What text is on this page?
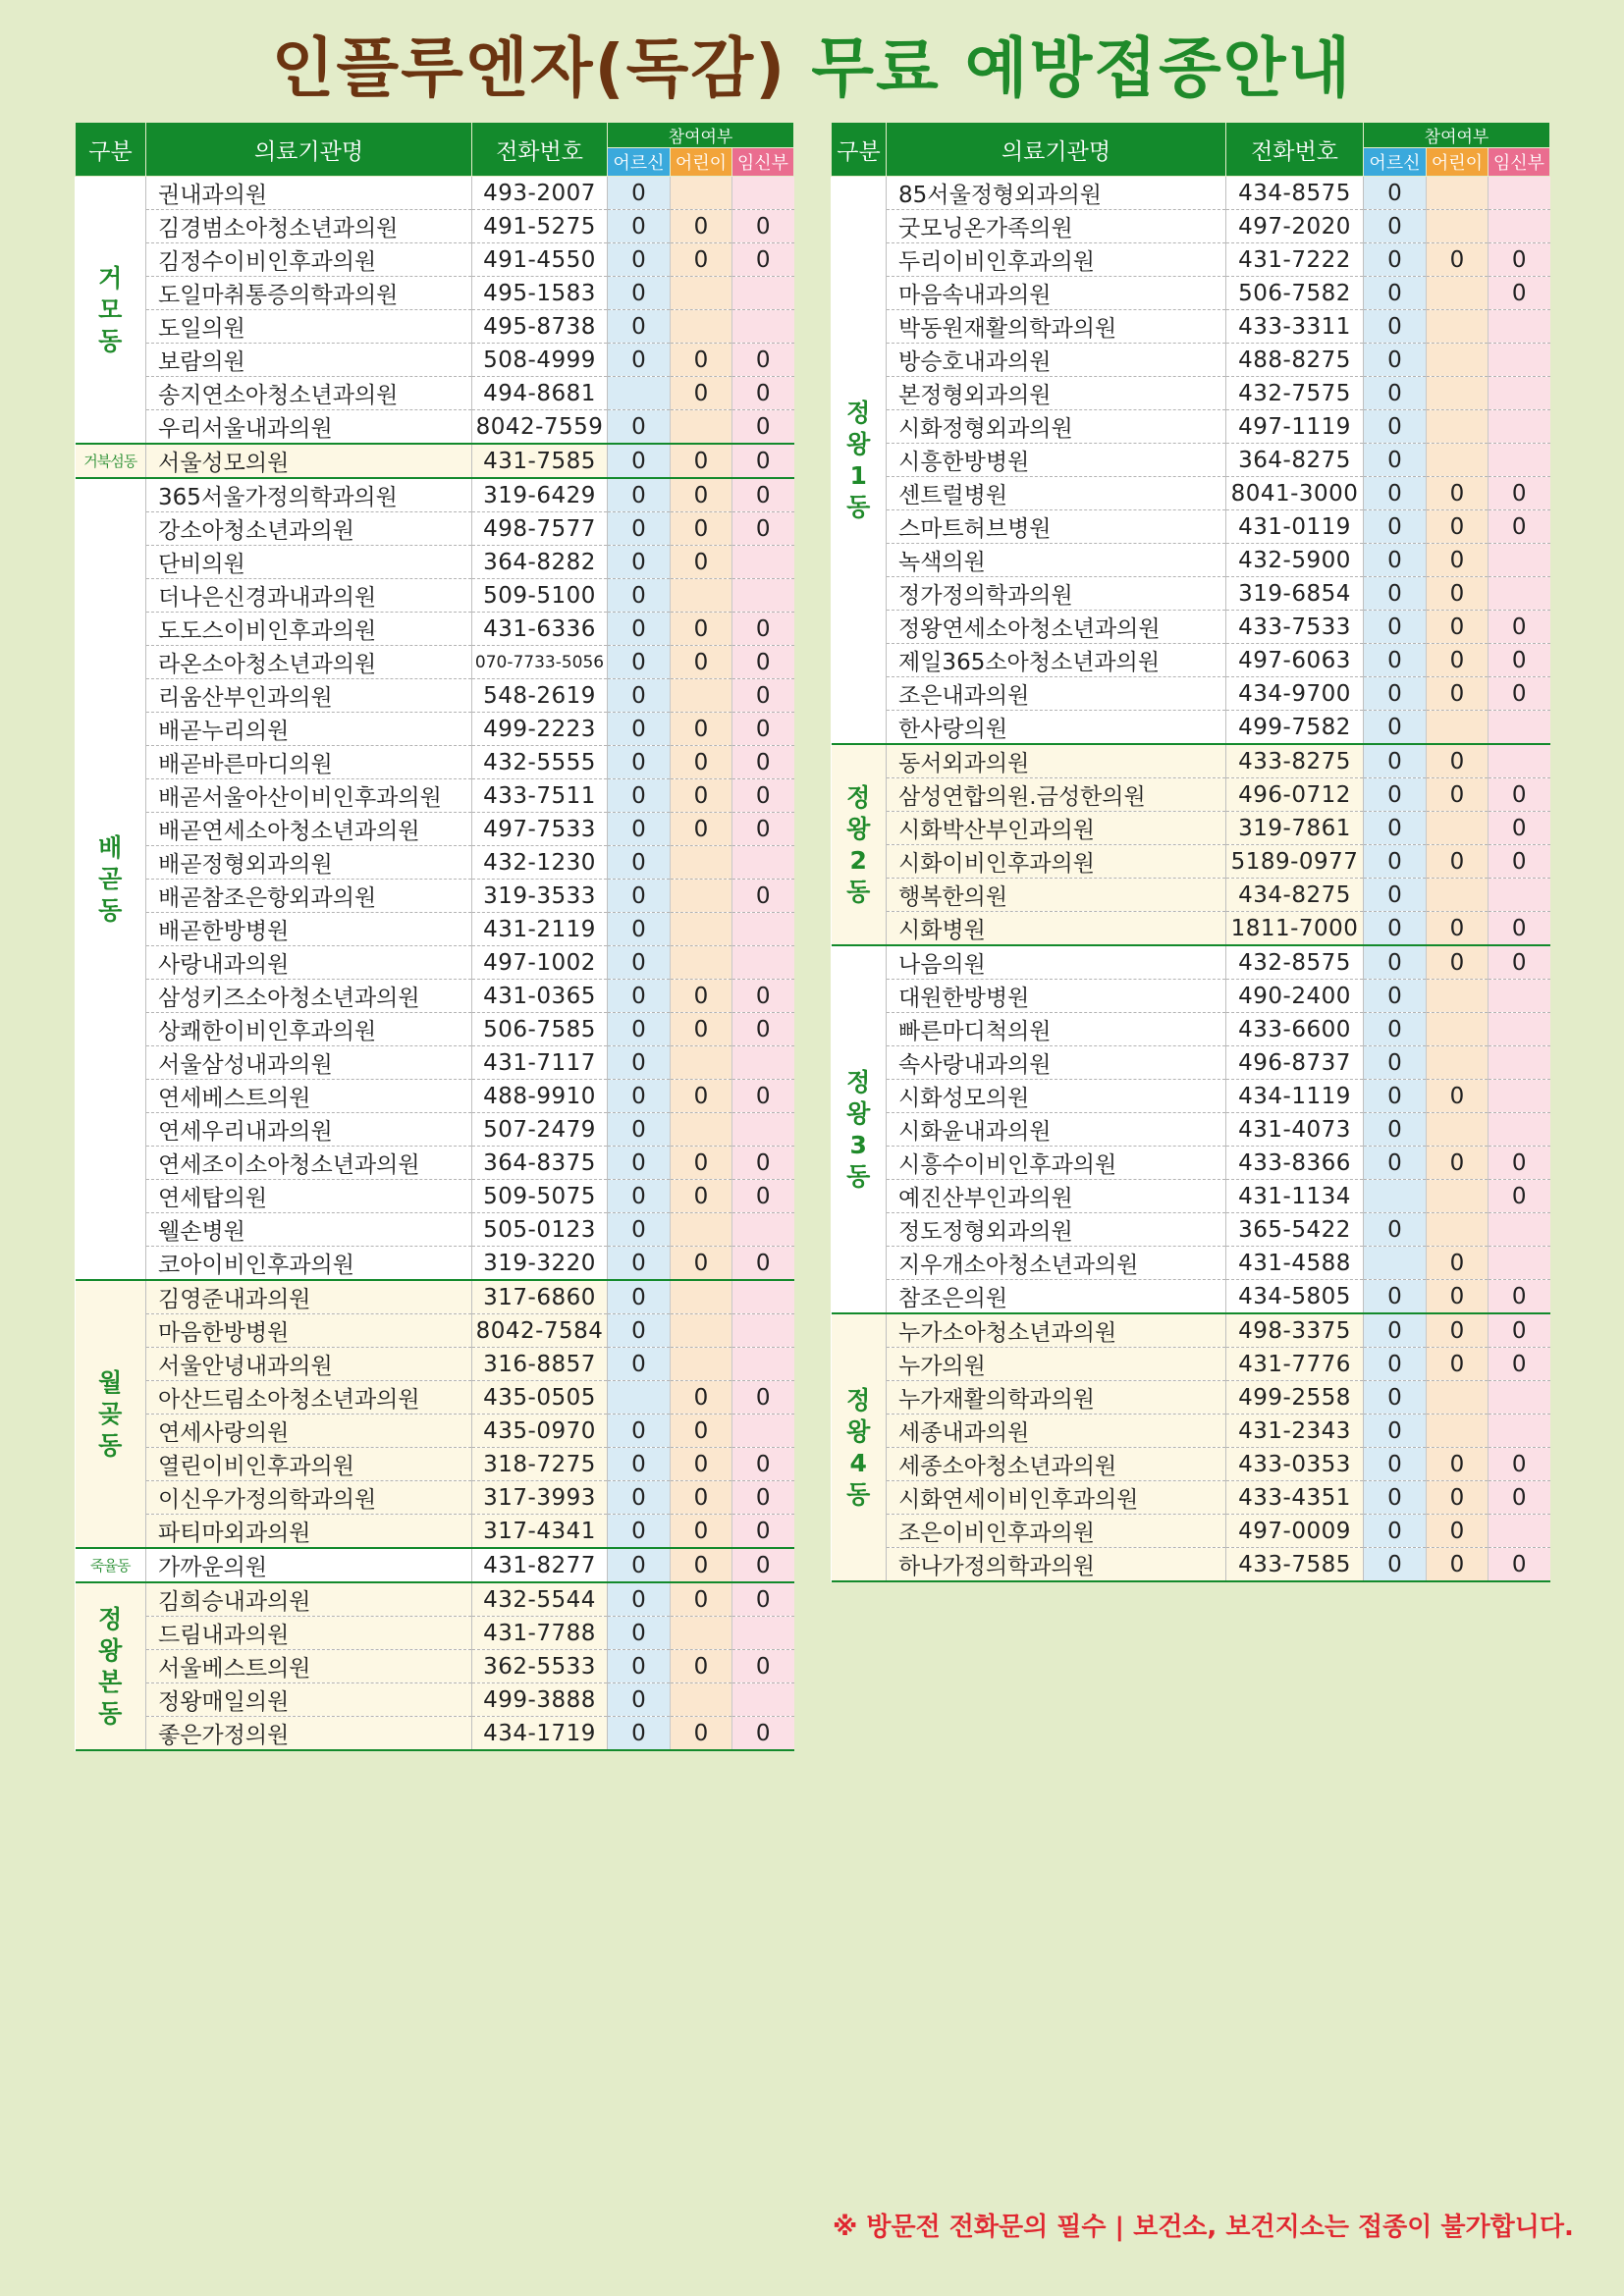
인플루엔자(독감) 무료 예방접종안내
구분	의료기관명	전화번호	참여여부		
			어르신	어린이	임신부
거
모
동	권내과의원	493-2007	0		
	김경범소아청소년과의원	491-5275	0	0	0
	김정수이비인후과의원	491-4550	0	0	0
	도일마취통증의학과의원	495-1583	0		
	도일의원	495-8738	0		
	보람의원	508-4999	0	0	0
	송지연소아청소년과의원	494-8681		0	0
	우리서울내과의원	8042-7559	0		0
거북섬동	서울성모의원	431-7585	0	0	0
배
곧
동	365서울가정의학과의원	319-6429	0	0	0
	강소아청소년과의원	498-7577	0	0	0
	단비의원	364-8282	0	0	
	더나은신경과내과의원	509-5100	0		
	도도스이비인후과의원	431-6336	0	0	0
	라온소아청소년과의원	070-7733-5056	0	0	0
	리움산부인과의원	548-2619	0		0
	배곧누리의원	499-2223	0	0	0
	배곧바른마디의원	432-5555	0	0	0
	배곧서울아산이비인후과의원	433-7511	0	0	0
	배곧연세소아청소년과의원	497-7533	0	0	0
	배곧정형외과의원	432-1230	0		
	배곧참조은항외과의원	319-3533	0		0
	배곧한방병원	431-2119	0		
	사랑내과의원	497-1002	0		
	삼성키즈소아청소년과의원	431-0365	0	0	0
	상쾌한이비인후과의원	506-7585	0	0	0
	서울삼성내과의원	431-7117	0		
	연세베스트의원	488-9910	0	0	0
	연세우리내과의원	507-2479	0		
	연세조이소아청소년과의원	364-8375	0	0	0
	연세탑의원	509-5075	0	0	0
	웰손병원	505-0123	0		
	코아이비인후과의원	319-3220	0	0	0
월
곶
동	김영준내과의원	317-6860	0		
	마음한방병원	8042-7584	0		
	서울안녕내과의원	316-8857	0		
	아산드림소아청소년과의원	435-0505		0	0
	연세사랑의원	435-0970	0	0	
	열린이비인후과의원	318-7275	0	0	0
	이신우가정의학과의원	317-3993	0	0	0
	파티마외과의원	317-4341	0	0	0
죽율동	가까운의원	431-8277	0	0	0
정
왕
본
동	김희승내과의원	432-5544	0	0	0
	드림내과의원	431-7788	0		
	서울베스트의원	362-5533	0	0	0
	정왕매일의원	499-3888	0		
	좋은가정의원	434-1719	0	0	0
구분	의료기관명	전화번호	참여여부		
			어르신	어린이	임신부
정
왕
1
동	85서울정형외과의원	434-8575	0		
	굿모닝온가족의원	497-2020	0		
	두리이비인후과의원	431-7222	0	0	0
	마음속내과의원	506-7582	0		0
	박동원재활의학과의원	433-3311	0		
	방승호내과의원	488-8275	0		
	본정형외과의원	432-7575	0		
	시화정형외과의원	497-1119	0		
	시흥한방병원	364-8275	0		
	센트럴병원	8041-3000	0	0	0
	스마트허브병원	431-0119	0	0	0
	녹색의원	432-5900	0	0	
	정가정의학과의원	319-6854	0	0	
	정왕연세소아청소년과의원	433-7533	0	0	0
	제일365소아청소년과의원	497-6063	0	0	0
	조은내과의원	434-9700	0	0	0
	한사랑의원	499-7582	0		
정
왕
2
동	동서외과의원	433-8275	0	0	
	삼성연합의원.금성한의원	496-0712	0	0	0
	시화박산부인과의원	319-7861	0		0
	시화이비인후과의원	5189-0977	0	0	0
	행복한의원	434-8275	0		
	시화병원	1811-7000	0	0	0
정
왕
3
동	나음의원	432-8575	0	0	0
	대원한방병원	490-2400	0		
	빠른마디척의원	433-6600	0		
	속사랑내과의원	496-8737	0		
	시화성모의원	434-1119	0	0	
	시화윤내과의원	431-4073	0		
	시흥수이비인후과의원	433-8366	0	0	0
	예진산부인과의원	431-1134			0
	정도정형외과의원	365-5422	0		
	지우개소아청소년과의원	431-4588		0	
	참조은의원	434-5805	0	0	0
정
왕
4
동	누가소아청소년과의원	498-3375	0	0	0
	누가의원	431-7776	0	0	0
	누가재활의학과의원	499-2558	0		
	세종내과의원	431-2343	0		
	세종소아청소년과의원	433-0353	0	0	0
	시화연세이비인후과의원	433-4351	0	0	0
	조은이비인후과의원	497-0009	0	0	
	하나가정의학과의원	433-7585	0	0	0
※ 방문전 전화문의 필수 | 보건소, 보건지소는 접종이 불가합니다.
